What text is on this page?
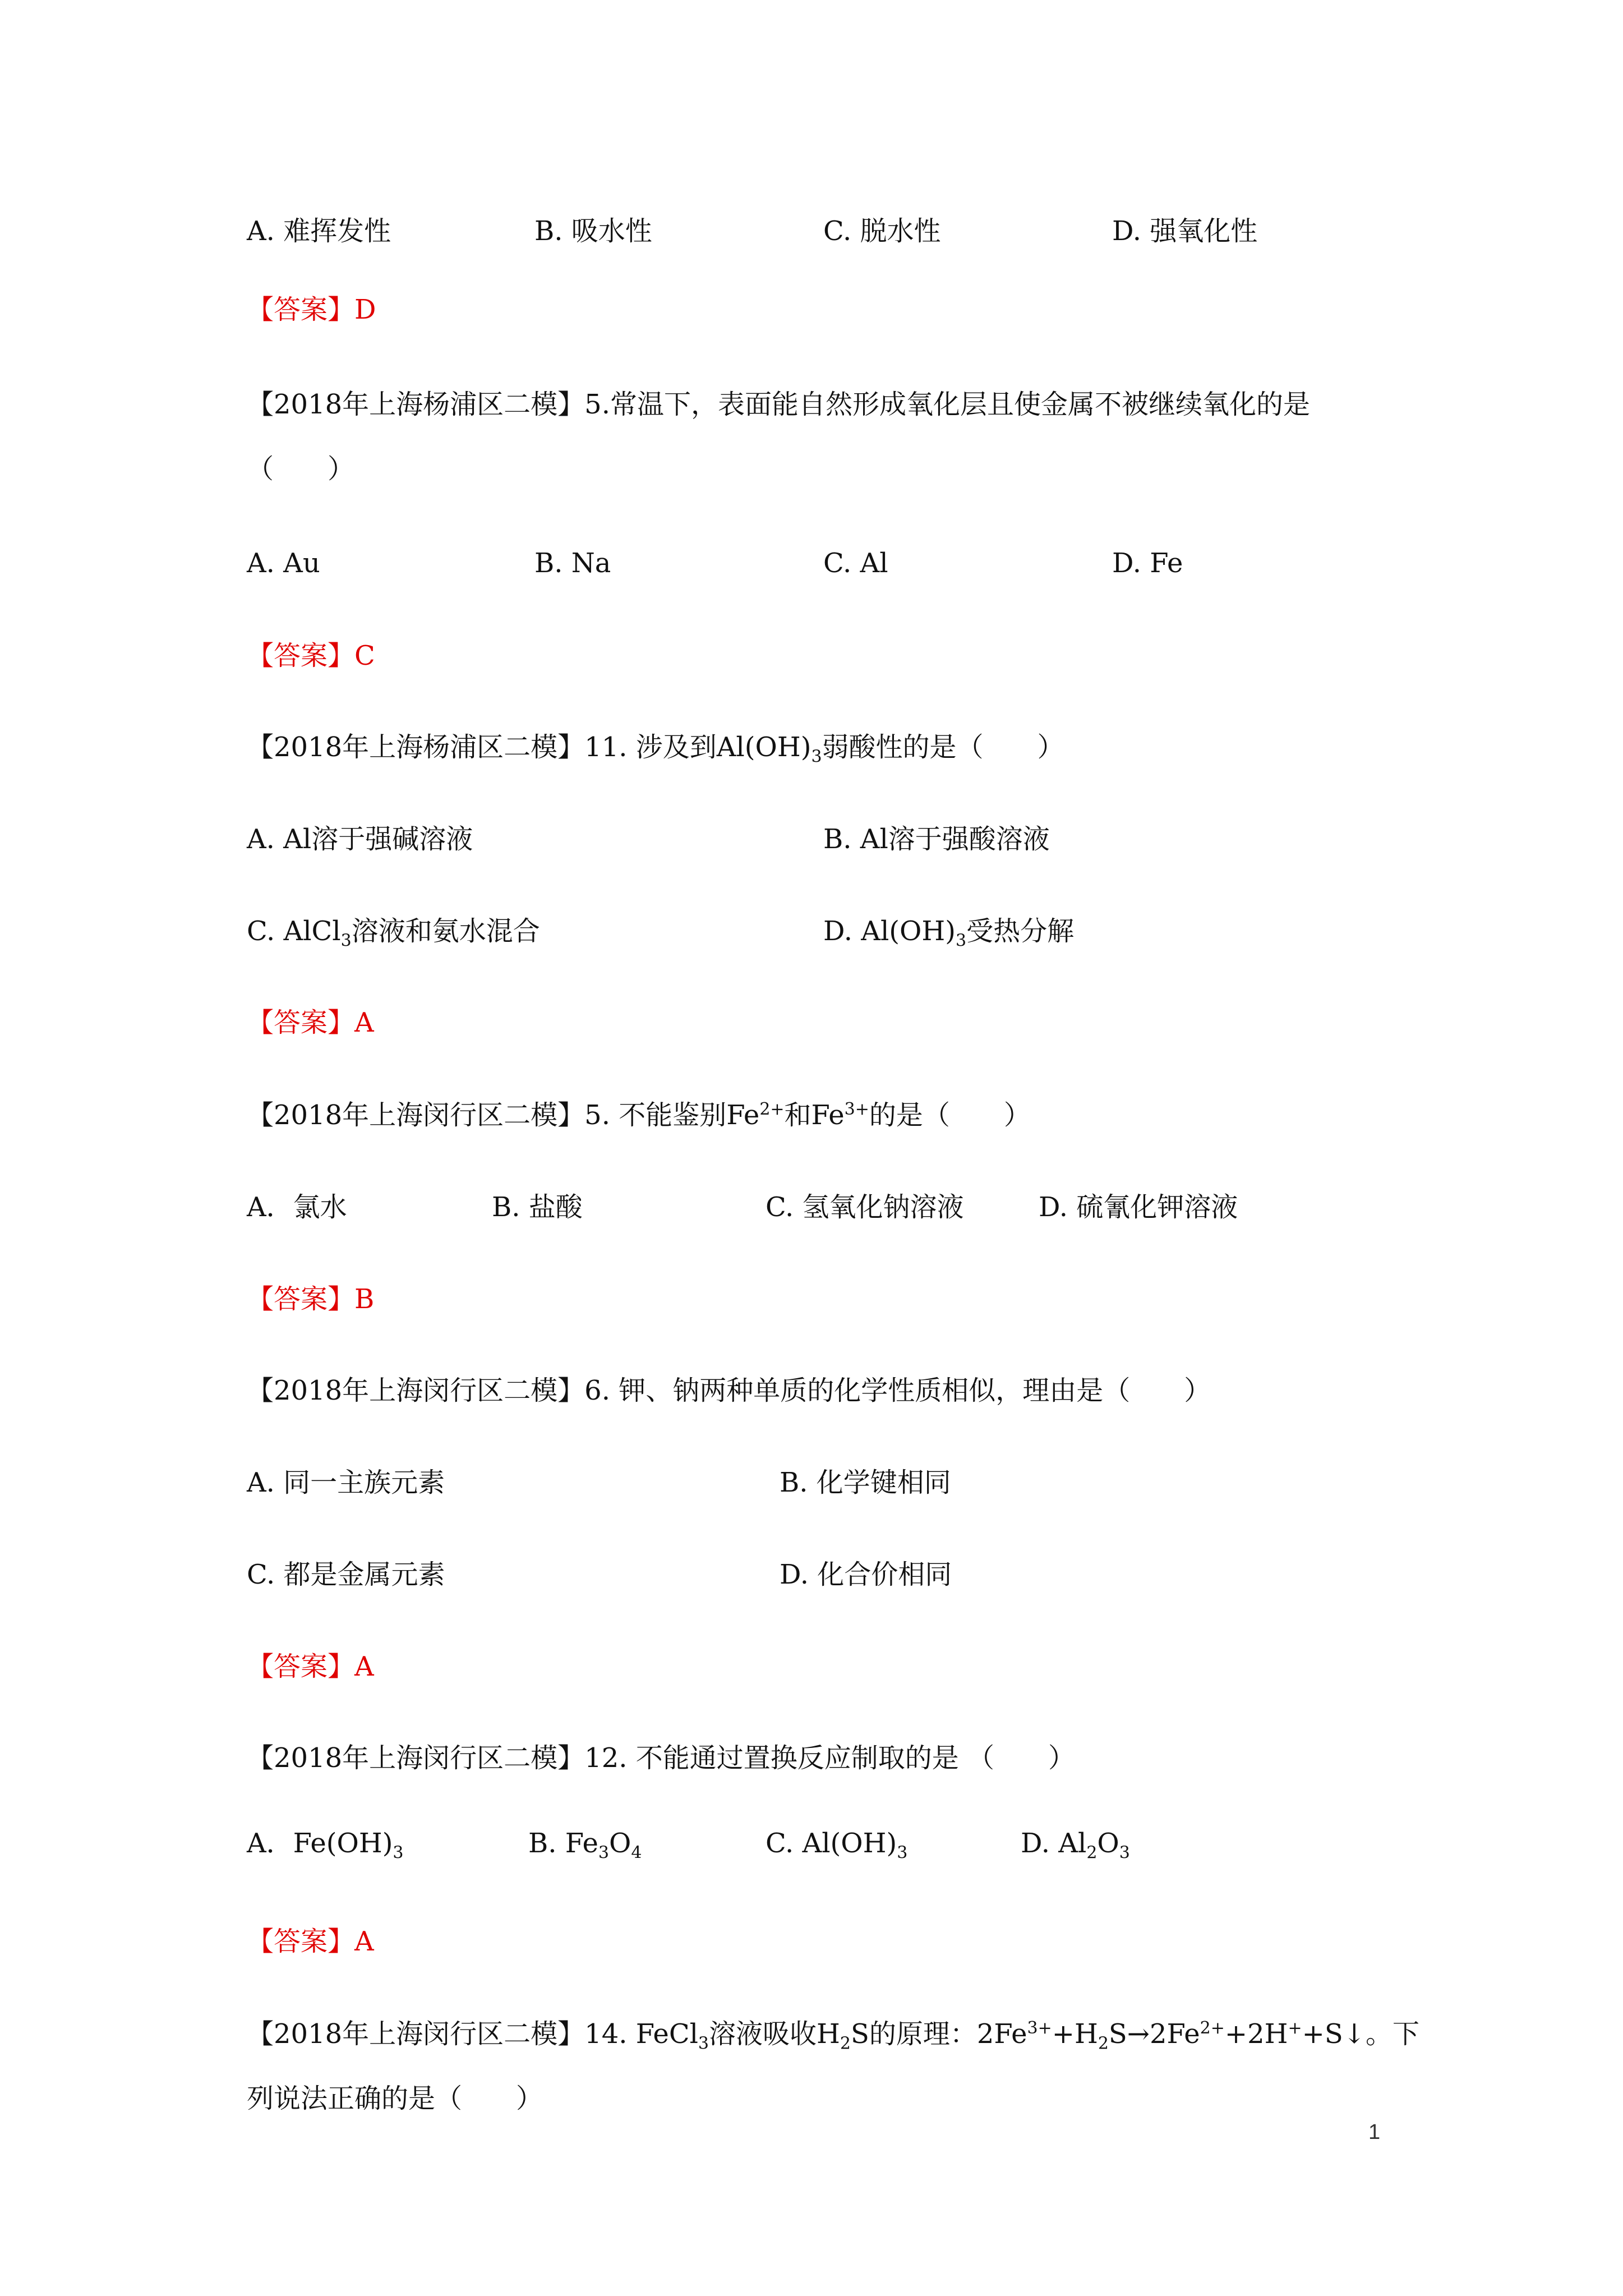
A. 难挥发性	B. 吸水性	C. 脱水性	D. 强氧化性
【答案】D
【2018年上海杨浦区二模】5.常温下，表面能自然形成氧化层且使金属不被继续氧化的是
（　　）
A. Au	B. Na	C. Al	D. Fe
【答案】C
【2018年上海杨浦区二模】11. 涉及到$Al(OH)_3$弱酸性的是（　　）
A. Al溶于强碱溶液	B. Al溶于强酸溶液
C. AlCl$_3$溶液和氨水混合	D. $Al(OH)_3$受热分解
【答案】A
【2018年上海闵行区二模】5. 不能鉴别$Fe^{2+}$和$Fe^{3+}$的是（　　）
A．氯水	B. 盐酸	C. 氢氧化钠溶液	D. 硫氰化钾溶液
【答案】B
【2018年上海闵行区二模】6. 钾、钠两种单质的化学性质相似，理由是（　　）
A. 同一主族元素	B. 化学键相同
C. 都是金属元素	D. 化合价相同
【答案】A
【2018年上海闵行区二模】12. 不能通过置换反应制取的是 （　　）
A．$Fe(OH)_3$	B. $Fe_3O_4$	C. $Al(OH)_3$	D. $Al_2O_3$
【答案】A
【2018年上海闵行区二模】14. FeCl$_3$溶液吸收$H_2S$的原理：$2Fe^{3+}+H_2S\to 2Fe^{2+}+2H^++S↓$。下
列说法正确的是（　　）
1
